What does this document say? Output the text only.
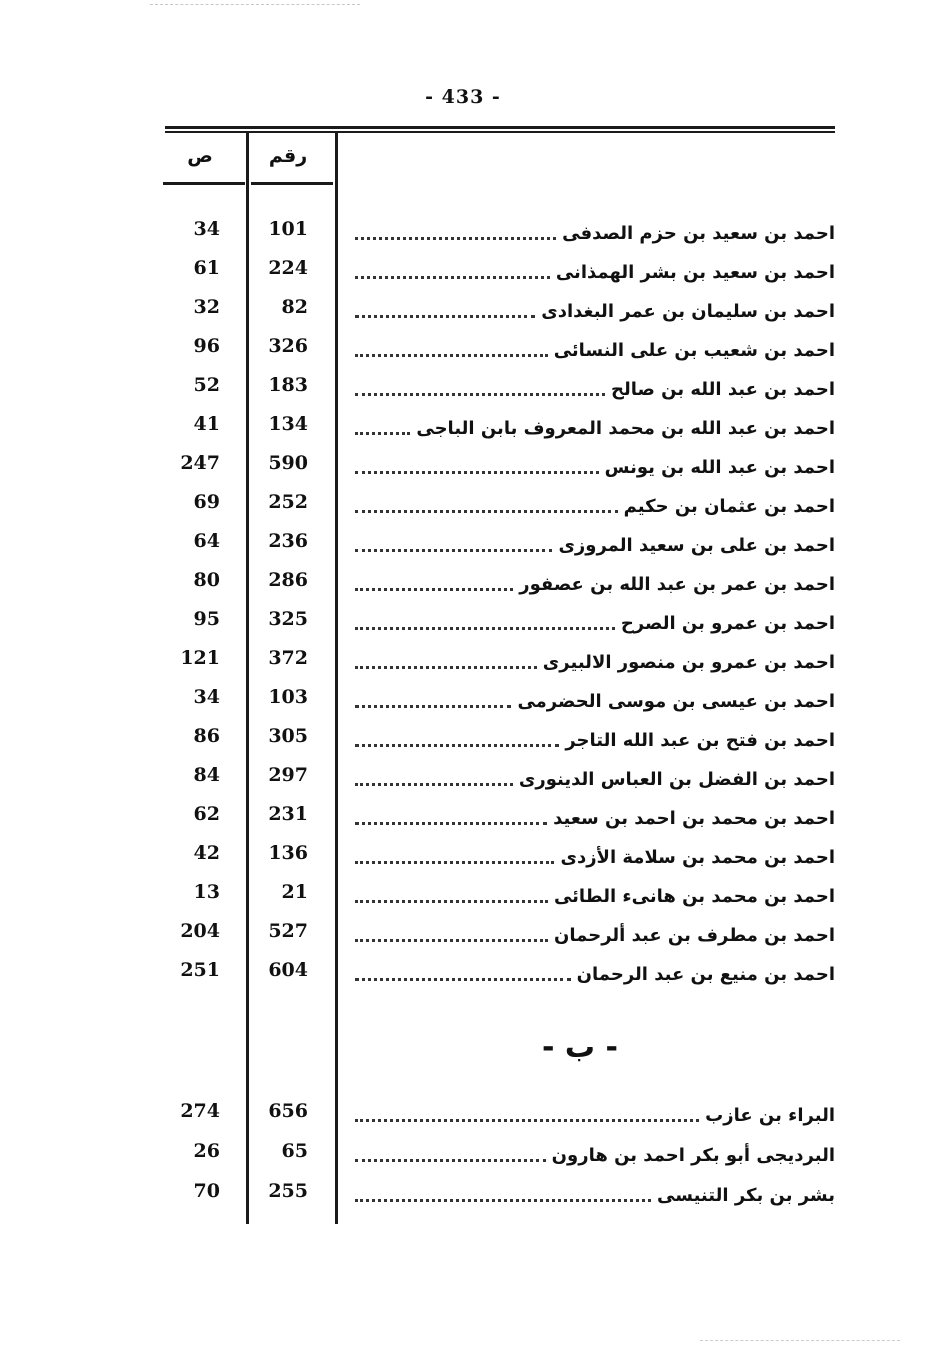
- 433 -
ص	رقم
34	101	احمد بن سعيد بن حزم الصدفى
61	224	احمد بن سعيد بن بشر الهمذانى
32	82	احمد بن سليمان بن عمر البغدادى
96	326	احمد بن شعيب بن على النسائى
52	183	احمد بن عبد الله بن صالح
41	134	احمد بن عبد الله بن محمد المعروف بابن الباجى
247	590	احمد بن عبد الله بن يونس
69	252	احمد بن عثمان بن حكيم
64	236	احمد بن على بن سعيد المروزى
80	286	احمد بن عمر بن عبد الله بن عصفور
95	325	احمد بن عمرو بن الصرح
121	372	احمد بن عمرو بن منصور الالبيرى
34	103	احمد بن عيسى بن موسى الحضرمى
86	305	احمد بن فتح بن عبد الله التاجر
84	297	احمد بن الفضل بن العباس الدينورى
62	231	احمد بن محمد بن احمد بن سعيد
42	136	احمد بن محمد بن سلامة الأزدى
13	21	احمد بن محمد بن هانىء الطائى
204	527	احمد بن مطرف بن عبد ألرحمان
251	604	احمد بن منيع بن عبد الرحمان
- ب -
274	656	البراء بن عازب
26	65	البرديجى أبو بكر احمد بن هارون
70	255	بشر بن بكر التنيسى
